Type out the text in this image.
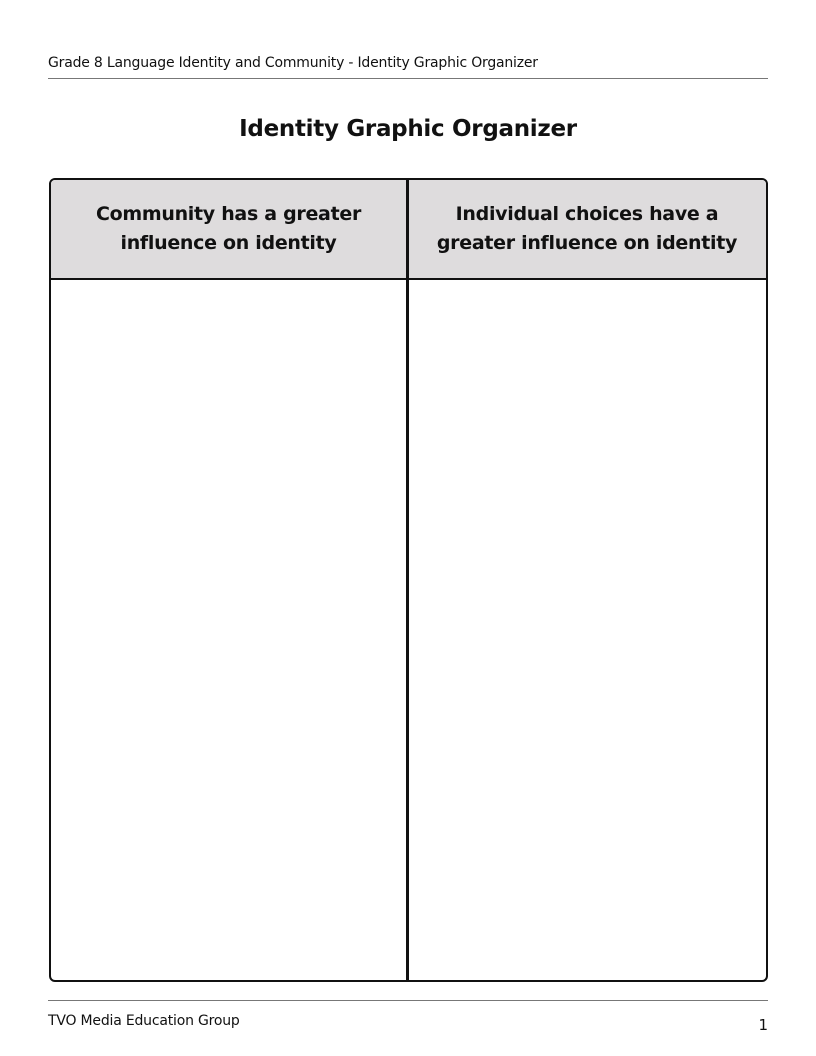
Grade 8 Language Identity and Community - Identity Graphic Organizer
Identity Graphic Organizer
Community has a greater influence on identity
Individual choices have a greater influence on identity
TVO Media Education Group	1
